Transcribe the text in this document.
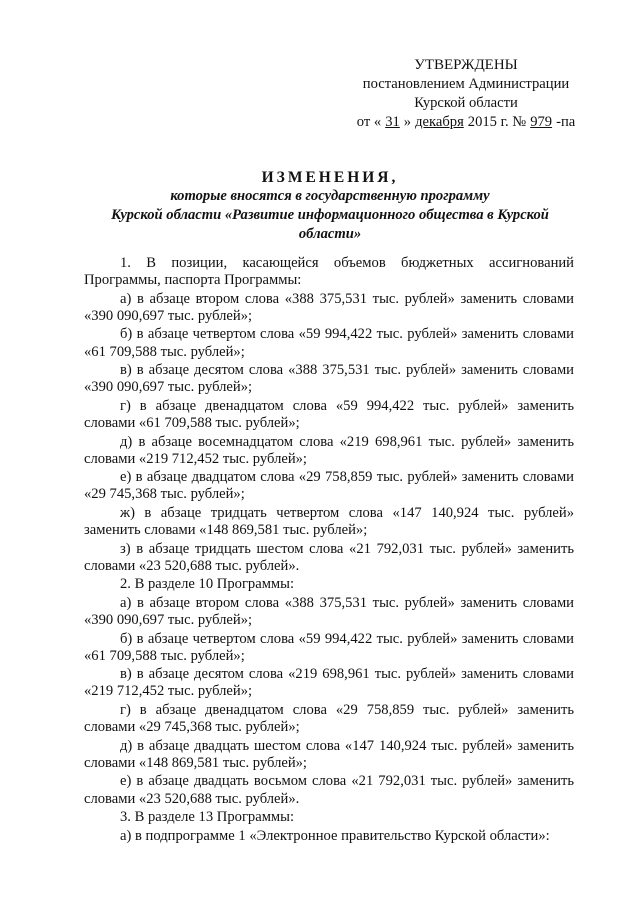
УТВЕРЖДЕНЫ
постановлением Администрации
Курской области
от « 31 » декабря 2015 г. № 979 -па
ИЗМЕНЕНИЯ,
которые вносятся в государственную программу
Курской области «Развитие информационного общества в Курской
области»

1. В позиции, касающейся объемов бюджетных ассигнований Программы, паспорта Программы:

а) в абзаце втором слова «388 375,531 тыс. рублей» заменить словами «390 090,697 тыс. рублей»;

б) в абзаце четвертом слова «59 994,422 тыс. рублей» заменить словами «61 709,588 тыс. рублей»;

в) в абзаце десятом слова «388 375,531 тыс. рублей» заменить словами «390 090,697 тыс. рублей»;

г) в абзаце двенадцатом слова «59 994,422 тыс. рублей» заменить словами «61 709,588 тыс. рублей»;

д) в абзаце восемнадцатом слова «219 698,961 тыс. рублей» заменить словами «219 712,452 тыс. рублей»;

е) в абзаце двадцатом слова «29 758,859 тыс. рублей» заменить словами «29 745,368 тыс. рублей»;

ж) в абзаце тридцать четвертом слова «147 140,924 тыс. рублей» заменить словами «148 869,581 тыс. рублей»;

з) в абзаце тридцать шестом слова «21 792,031 тыс. рублей» заменить словами «23 520,688 тыс. рублей».

2. В разделе 10 Программы:

а) в абзаце втором слова «388 375,531 тыс. рублей» заменить словами «390 090,697 тыс. рублей»;

б) в абзаце четвертом слова «59 994,422 тыс. рублей» заменить словами «61 709,588 тыс. рублей»;

в) в абзаце десятом слова «219 698,961 тыс. рублей» заменить словами «219 712,452 тыс. рублей»;

г) в абзаце двенадцатом слова «29 758,859 тыс. рублей» заменить словами «29 745,368 тыс. рублей»;

д) в абзаце двадцать шестом слова «147 140,924 тыс. рублей» заменить словами «148 869,581 тыс. рублей»;

е) в абзаце двадцать восьмом слова «21 792,031 тыс. рублей» заменить словами «23 520,688 тыс. рублей».

3. В разделе 13 Программы:

а) в подпрограмме 1 «Электронное правительство Курской области»:
